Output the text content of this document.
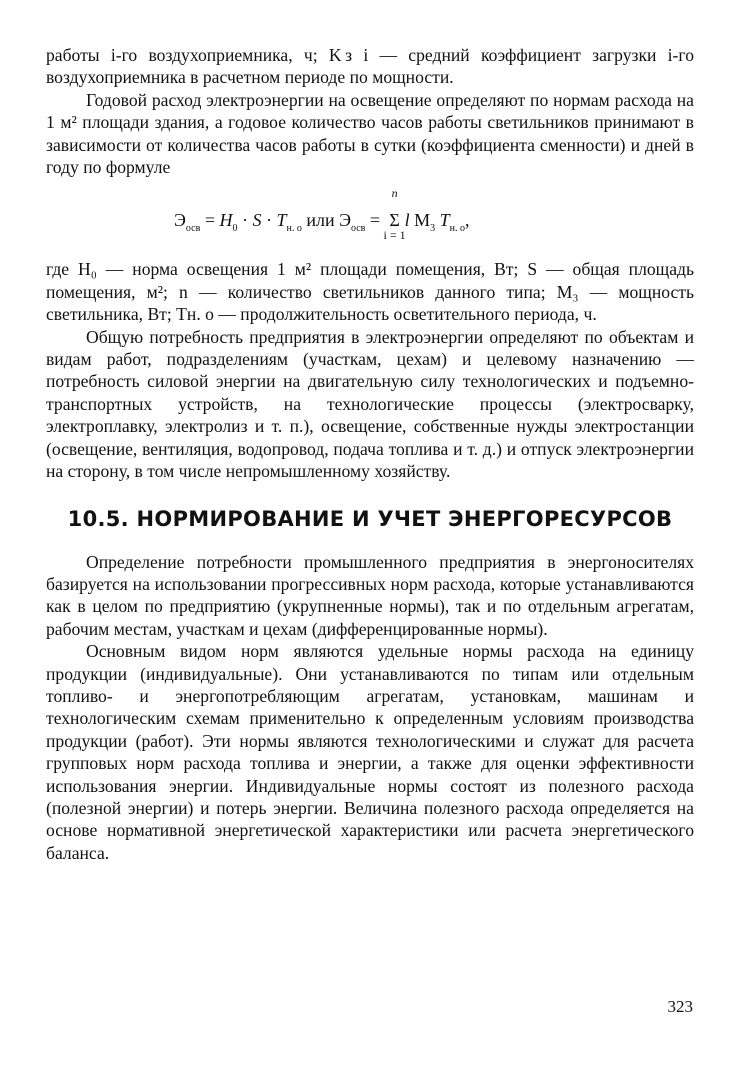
работы i-го воздухоприемника, ч; K з i — средний коэффициент загрузки i-го воздухоприемника в расчетном периоде по мощности.

Годовой расход электроэнергии на освещение определяют по нормам расхода на 1 м² площади здания, а годовое количество часов работы светильников принимают в зависимости от количества часов работы в сутки (коэффициента сменности) и дней в году по формуле

$Э_{осв} = H_0 \cdot S \cdot T_{н. о}$ или $Э_{осв}$ =
n
Σ
i = 1
l $М_3$ $T_{н. о}$,

где H₀ — норма освещения 1 м² площади помещения, Вт; S — общая площадь помещения, м²; n — количество светильников данного типа; М₃ — мощность светильника, Вт; Tн. о — продолжительность осветительного периода, ч.

Общую потребность предприятия в электроэнергии определяют по объектам и видам работ, подразделениям (участкам, цехам) и целевому назначению — потребность силовой энергии на двигательную силу технологических и подъемно-транспортных устройств, на технологические процессы (электросварку, электроплавку, электролиз и т. п.), освещение, собственные нужды электростанции (освещение, вентиляция, водопровод, подача топлива и т. д.) и отпуск электроэнергии на сторону, в том числе непромышленному хозяйству.

10.5. НОРМИРОВАНИЕ И УЧЕТ ЭНЕРГОРЕСУРСОВ

Определение потребности промышленного предприятия в энергоносителях базируется на использовании прогрессивных норм расхода, которые устанавливаются как в целом по предприятию (укрупненные нормы), так и по отдельным агрегатам, рабочим местам, участкам и цехам (дифференцированные нормы).

Основным видом норм являются удельные нормы расхода на единицу продукции (индивидуальные). Они устанавливаются по типам или отдельным топливо- и энергопотребляющим агрегатам, установкам, машинам и технологическим схемам применительно к определенным условиям производства продукции (работ). Эти нормы являются технологическими и служат для расчета групповых норм расхода топлива и энергии, а также для оценки эффективности использования энергии. Индивидуальные нормы состоят из полезного расхода (полезной энергии) и потерь энергии. Величина полезного расхода определяется на основе нормативной энергетической характеристики или расчета энергетического баланса.

323
